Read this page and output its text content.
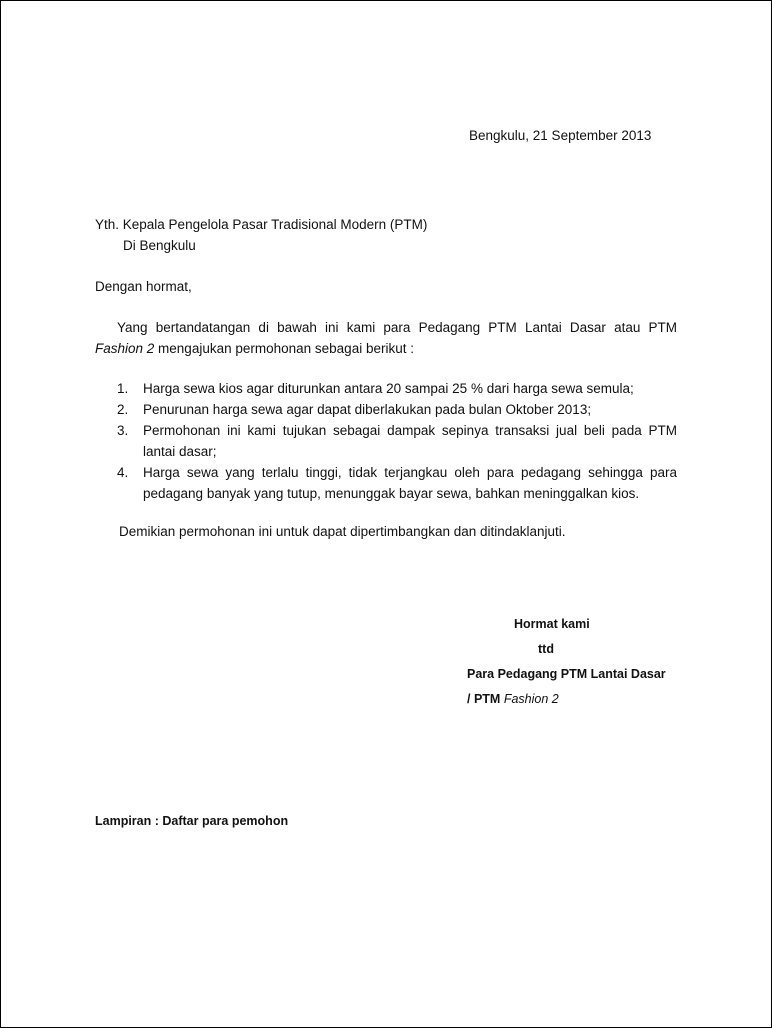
Bengkulu, 21 September 2013
Yth. Kepala Pengelola Pasar Tradisional Modern (PTM)
Di Bengkulu
Dengan hormat,
Yang bertandatangan di bawah ini kami para Pedagang PTM Lantai Dasar atau PTM
Fashion 2 mengajukan permohonan sebagai berikut :
1. Harga sewa kios agar diturunkan antara 20 sampai 25 % dari harga sewa semula;
2. Penurunan harga sewa agar dapat diberlakukan pada bulan Oktober 2013;
3. Permohonan ini kami tujukan sebagai dampak sepinya transaksi jual beli pada PTM lantai dasar;
4. Harga sewa yang terlalu tinggi, tidak terjangkau oleh para pedagang sehingga para pedagang banyak yang tutup, menunggak bayar sewa, bahkan meninggalkan kios.
Demikian permohonan ini untuk dapat dipertimbangkan dan ditindaklanjuti.
Hormat kami
ttd
Para Pedagang PTM Lantai Dasar
/ PTM Fashion 2
Lampiran : Daftar para pemohon
